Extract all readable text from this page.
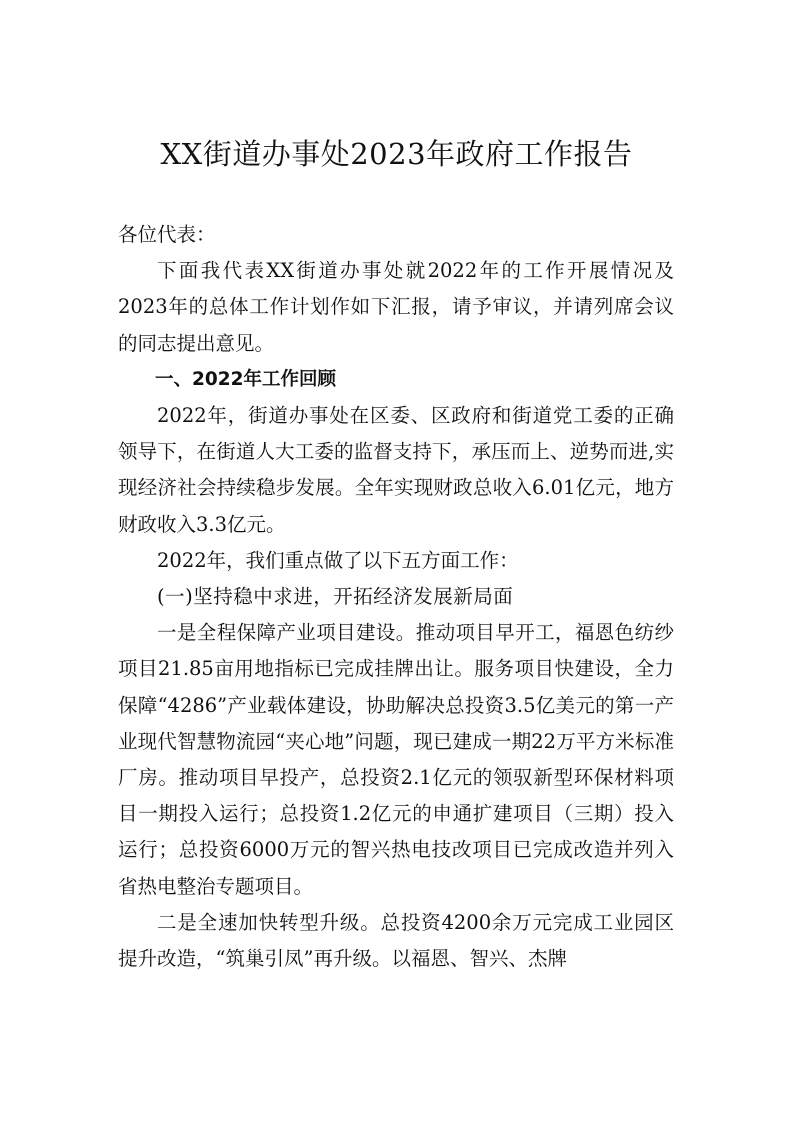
XX街道办事处2023年政府工作报告

各位代表：

下面我代表XX街道办事处就2022年的工作开展情况及2023年的总体工作计划作如下汇报，请予审议，并请列席会议的同志提出意见。

一、2022年工作回顾

2022年，街道办事处在区委、区政府和街道党工委的正确领导下，在街道人大工委的监督支持下，承压而上、逆势而进,实现经济社会持续稳步发展。全年实现财政总收入6.01亿元，地方财政收入3.3亿元。

2022年，我们重点做了以下五方面工作：

(一)坚持稳中求进，开拓经济发展新局面

一是全程保障产业项目建设。推动项目早开工，福恩色纺纱项目21.85亩用地指标已完成挂牌出让。服务项目快建设，全力保障“4286”产业载体建设，协助解决总投资3.5亿美元的第一产业现代智慧物流园“夹心地”问题，现已建成一期22万平方米标准厂房。推动项目早投产，总投资2.1亿元的领驭新型环保材料项目一期投入运行；总投资1.2亿元的申通扩建项目（三期）投入运行；总投资6000万元的智兴热电技改项目已完成改造并列入省热电整治专题项目。

二是全速加快转型升级。总投资4200余万元完成工业园区提升改造，“筑巢引凤”再升级。以福恩、智兴、杰牌
